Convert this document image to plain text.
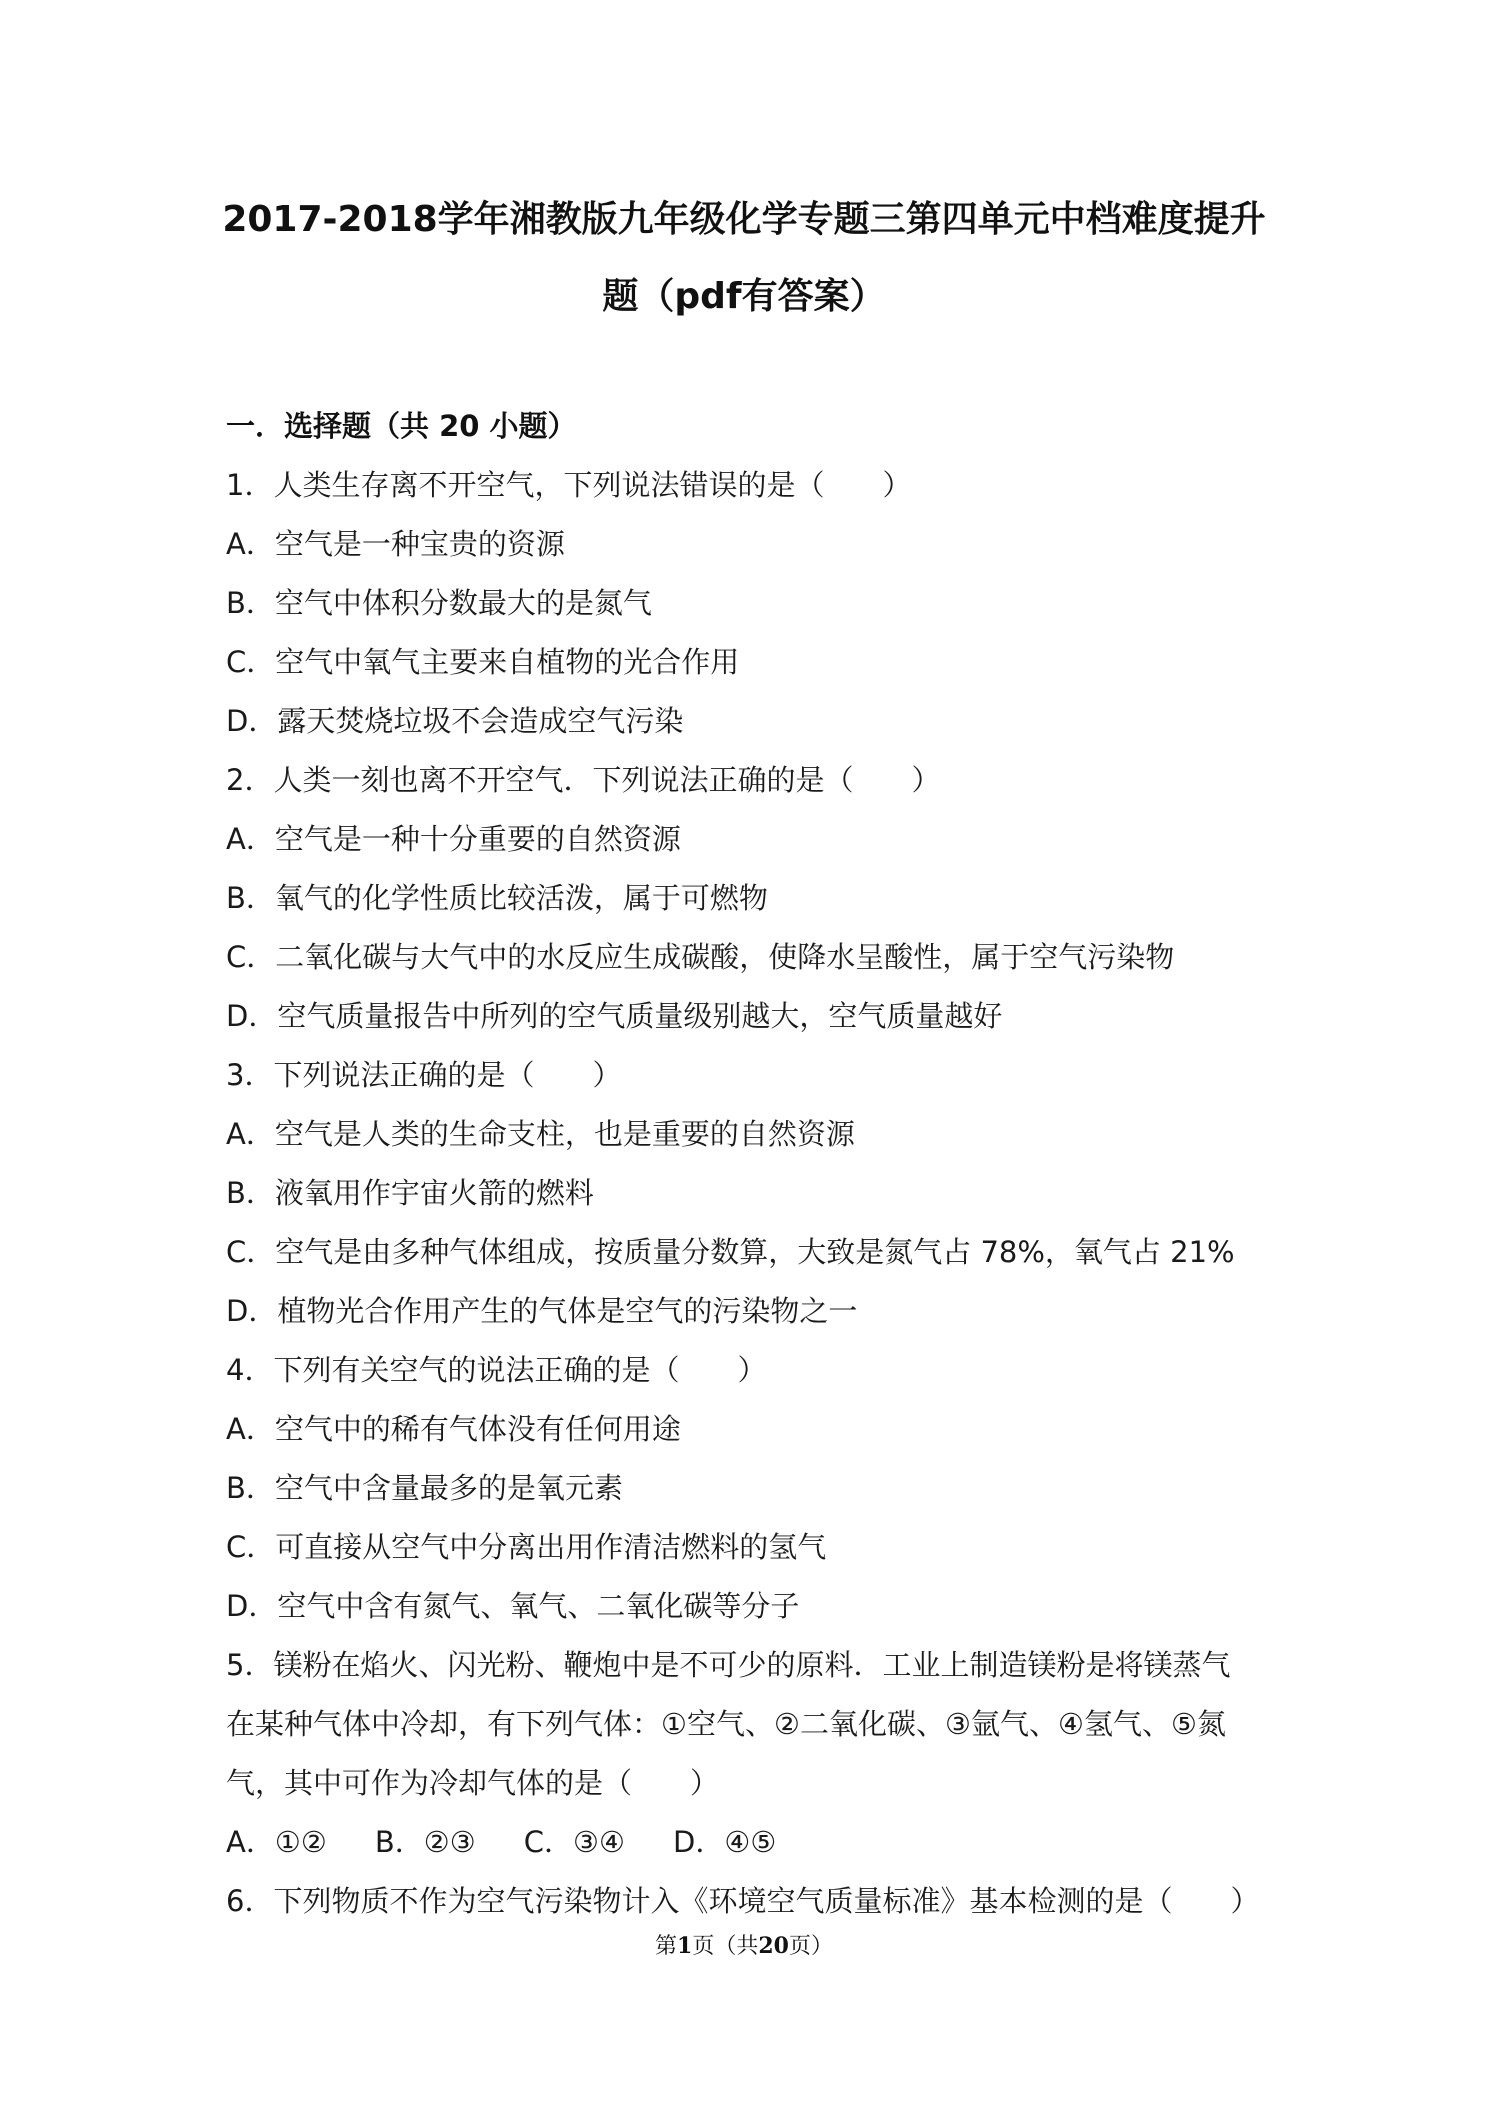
2017-2018学年湘教版九年级化学专题三第四单元中档难度提升
题（pdf有答案）
一．选择题（共 20 小题）
1．人类生存离不开空气，下列说法错误的是（　　）
A．空气是一种宝贵的资源
B．空气中体积分数最大的是氮气
C．空气中氧气主要来自植物的光合作用
D．露天焚烧垃圾不会造成空气污染
2．人类一刻也离不开空气．下列说法正确的是（　　）
A．空气是一种十分重要的自然资源
B．氧气的化学性质比较活泼，属于可燃物
C．二氧化碳与大气中的水反应生成碳酸，使降水呈酸性，属于空气污染物
D．空气质量报告中所列的空气质量级别越大，空气质量越好
3．下列说法正确的是（　　）
A．空气是人类的生命支柱，也是重要的自然资源
B．液氧用作宇宙火箭的燃料
C．空气是由多种气体组成，按质量分数算，大致是氮气占 78%，氧气占 21%
D．植物光合作用产生的气体是空气的污染物之一
4．下列有关空气的说法正确的是（　　）
A．空气中的稀有气体没有任何用途
B．空气中含量最多的是氧元素
C．可直接从空气中分离出用作清洁燃料的氢气
D．空气中含有氮气、氧气、二氧化碳等分子
5．镁粉在焰火、闪光粉、鞭炮中是不可少的原料．工业上制造镁粉是将镁蒸气
在某种气体中冷却，有下列气体：①空气、②二氧化碳、③氩气、④氢气、⑤氮
气，其中可作为冷却气体的是（　　）
A．①② B．②③ C．③④ D．④⑤
6．下列物质不作为空气污染物计入《环境空气质量标准》基本检测的是（　　）
第1页（共20页）
